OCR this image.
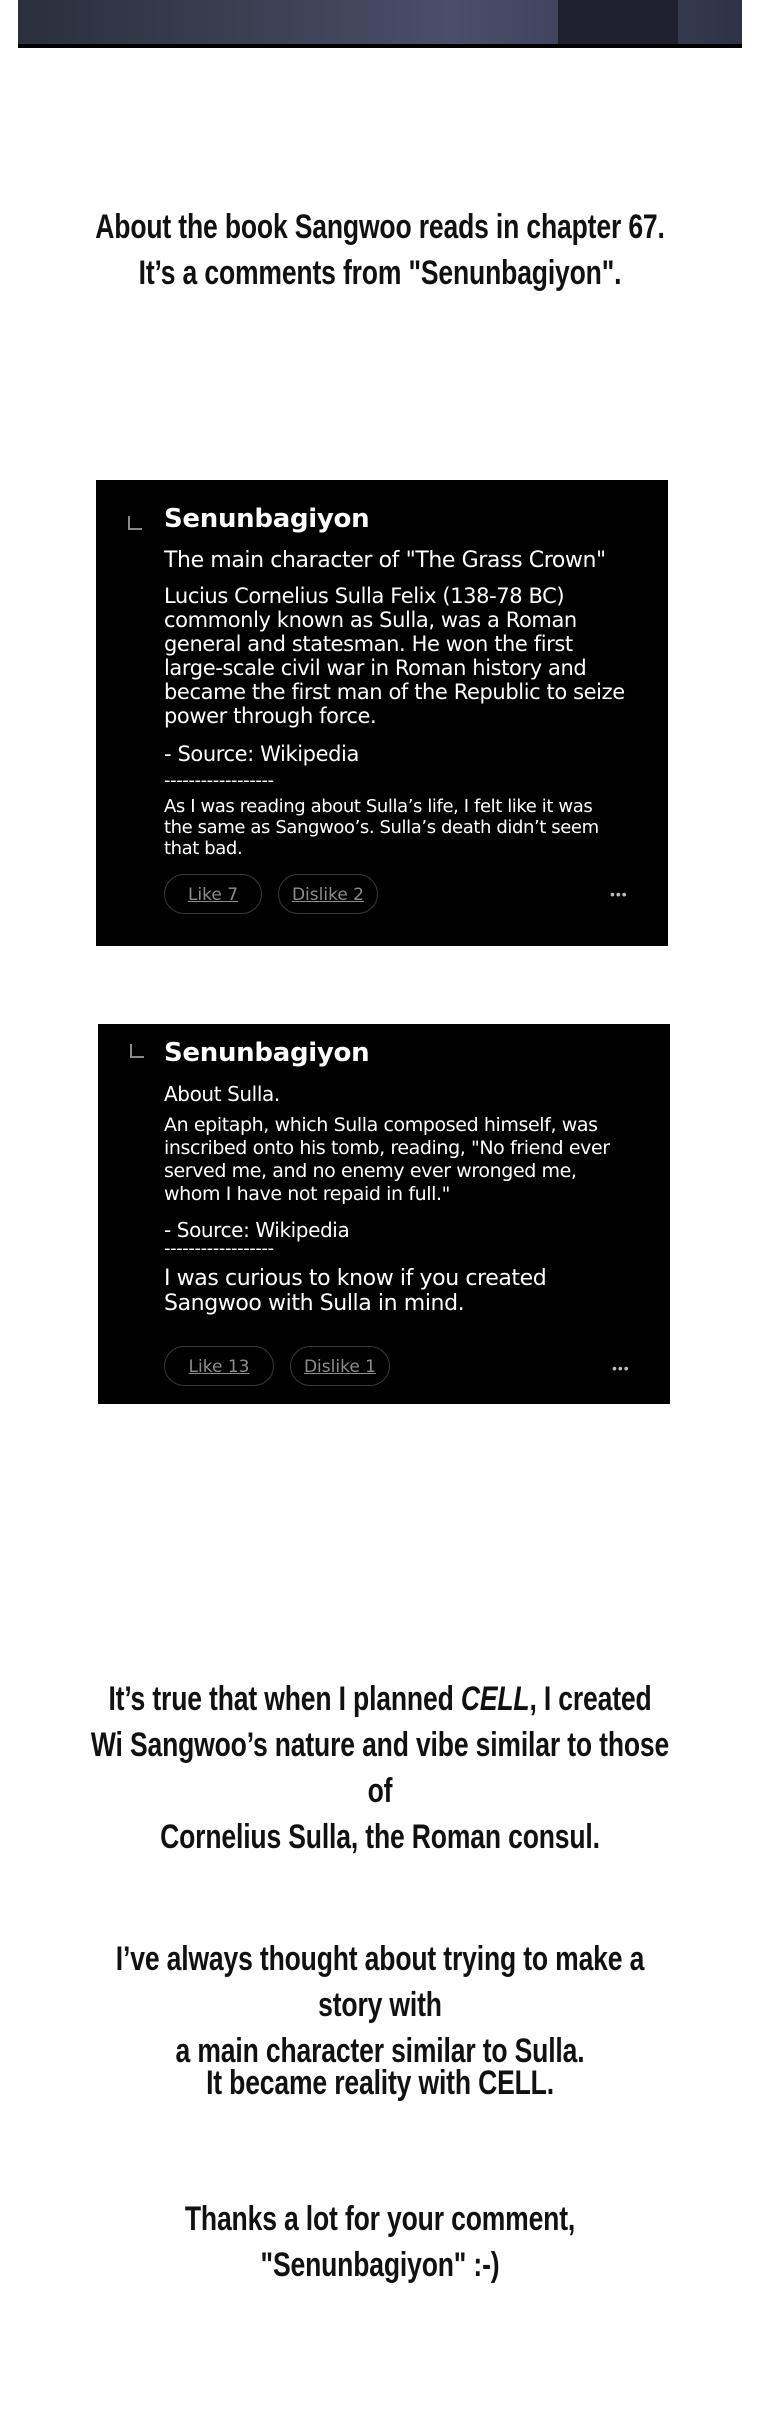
About the book Sangwoo reads in chapter 67.
It’s a comments from "Senunbagiyon".
Senunbagiyon
The main character of "The Grass Crown"
Lucius Cornelius Sulla Felix (138-78 BC)
commonly known as Sulla, was a Roman
general and statesman. He won the first
large-scale civil war in Roman history and
became the first man of the Republic to seize
power through force.
- Source: Wikipedia
------------------
As I was reading about Sulla’s life, I felt like it was
the same as Sangwoo’s. Sulla’s death didn’t seem
that bad.
Like 7	Dislike 2	•••
Senunbagiyon
About Sulla.
An epitaph, which Sulla composed himself, was
inscribed onto his tomb, reading, "No friend ever
served me, and no enemy ever wronged me,
whom I have not repaid in full."
- Source: Wikipedia
------------------
I was curious to know if you created
Sangwoo with Sulla in mind.
Like 13	Dislike 1	•••
It’s true that when I planned CELL, I created
Wi Sangwoo’s nature and vibe similar to those of
Cornelius Sulla, the Roman consul.
I’ve always thought about trying to make a story with
a main character similar to Sulla.
It became reality with CELL.
Thanks a lot for your comment, "Senunbagiyon" :-)
